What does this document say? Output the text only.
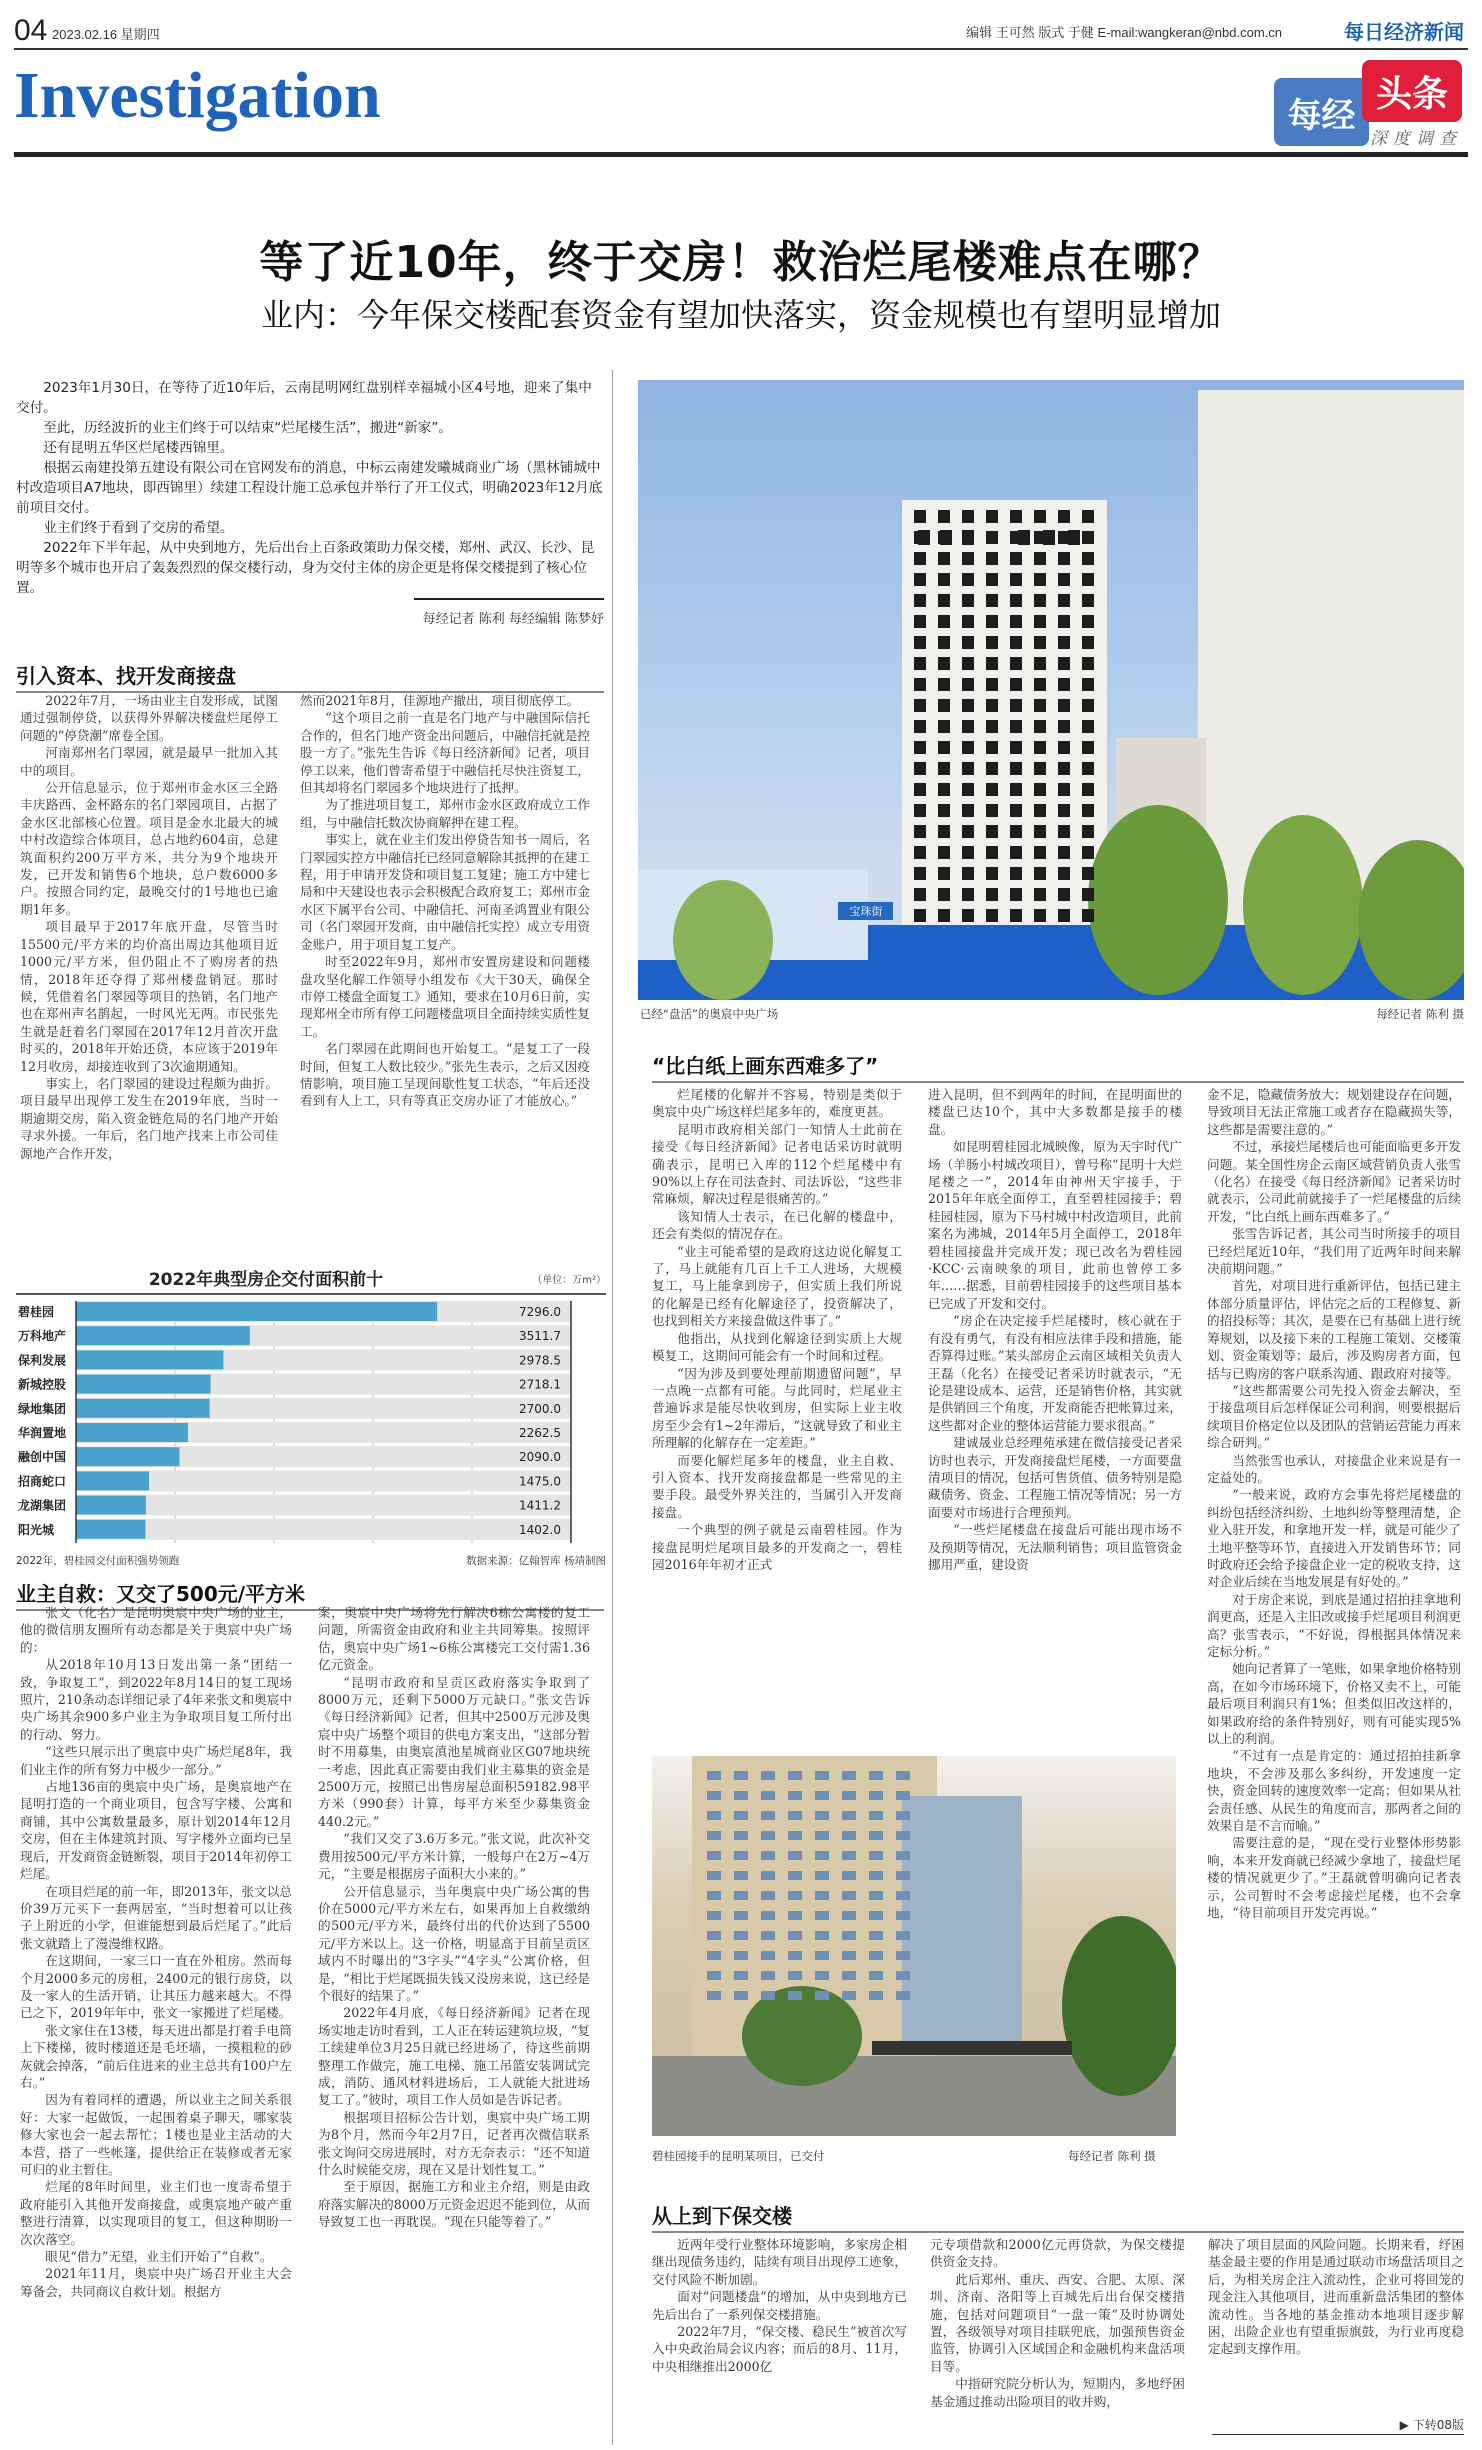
04 2023.02.16 星期四	编辑 王可然 版式 于健 E-mail:wangkeran@nbd.com.cn	每日经济新闻
Investigation	每经
头条
深度调查
等了近10年，终于交房！救治烂尾楼难点在哪？
业内：今年保交楼配套资金有望加快落实，资金规模也有望明显增加

2023年1月30日，在等待了近10年后，云南昆明网红盘别样幸福城小区4号地，迎来了集中交付。

至此，历经波折的业主们终于可以结束“烂尾楼生活”，搬进“新家”。

还有昆明五华区烂尾楼西锦里。

根据云南建投第五建设有限公司在官网发布的消息，中标云南建发曦城商业广场（黑林铺城中村改造项目A7地块，即西锦里）续建工程设计施工总承包并举行了开工仪式，明确2023年12月底前项目交付。

业主们终于看到了交房的希望。

2022年下半年起，从中央到地方，先后出台上百条政策助力保交楼，郑州、武汉、长沙、昆明等多个城市也开启了轰轰烈烈的保交楼行动，身为交付主体的房企更是将保交楼提到了核心位置。

每经记者 陈利 每经编辑 陈梦妤
引入资本、找开发商接盘

2022年7月，一场由业主自发形成，试图通过强制停贷，以获得外界解决楼盘烂尾停工问题的“停贷潮”席卷全国。

河南郑州名门翠园，就是最早一批加入其中的项目。

公开信息显示，位于郑州市金水区三全路丰庆路西、金杯路东的名门翠园项目，占据了金水区北部核心位置。项目是金水北最大的城中村改造综合体项目，总占地约604亩，总建筑面积约200万平方米，共分为9个地块开发，已开发和销售6个地块，总户数6000多户。按照合同约定，最晚交付的1号地也已逾期1年多。

项目最早于2017年底开盘，尽管当时15500元/平方米的均价高出周边其他项目近1000元/平方米，但仍阻止不了购房者的热情，2018年还夺得了郑州楼盘销冠。那时候，凭借着名门翠园等项目的热销，名门地产也在郑州声名鹊起，一时风光无两。市民张先生就是赶着名门翠园在2017年12月首次开盘时买的，2018年开始还贷，本应该于2019年12月收房，却接连收到了3次逾期通知。

事实上，名门翠园的建设过程颇为曲折。项目最早出现停工发生在2019年底，当时一期逾期交房，陷入资金链危局的名门地产开始寻求外援。一年后，名门地产找来上市公司佳源地产合作开发，

然而2021年8月，佳源地产撤出，项目彻底停工。

“这个项目之前一直是名门地产与中融国际信托合作的，但名门地产资金出问题后，中融信托就是控股一方了。”张先生告诉《每日经济新闻》记者，项目停工以来，他们曾寄希望于中融信托尽快注资复工，但其却将名门翠园多个地块进行了抵押。

为了推进项目复工，郑州市金水区政府成立工作组，与中融信托数次协商解押在建工程。

事实上，就在业主们发出停贷告知书一周后，名门翠园实控方中融信托已经同意解除其抵押的在建工程，用于申请开发贷和项目复工复建；施工方中建七局和中天建设也表示会积极配合政府复工；郑州市金水区下属平台公司、中融信托、河南圣鸿置业有限公司（名门翠园开发商，由中融信托实控）成立专用资金账户，用于项目复工复产。

时至2022年9月，郑州市安置房建设和问题楼盘攻坚化解工作领导小组发布《大干30天，确保全市停工楼盘全面复工》通知，要求在10月6日前，实现郑州全市所有停工问题楼盘项目全面持续实质性复工。

名门翠园在此期间也开始复工。“是复工了一段时间，但复工人数比较少。”张先生表示，之后又因疫情影响，项目施工呈现间歇性复工状态，“年后还没看到有人上工，只有等真正交房办证了才能放心。”

2022年典型房企交付面积前十	（单位：万m²）
碧桂园	7296.0
万科地产	3511.7
保利发展	2978.5
新城控股	2718.1
绿地集团	2700.0
华润置地	2262.5
融创中国	2090.0
招商蛇口	1475.0
龙湖集团	1411.2
阳光城	1402.0
2022年，碧桂园交付面积强势领跑	数据来源：亿翰智库 杨靖制图
业主自救：又交了500元/平方米

张文（化名）是昆明奥宸中央广场的业主，他的微信朋友圈所有动态都是关于奥宸中央广场的：

从2018年10月13日发出第一条“团结一致，争取复工”，到2022年8月14日的复工现场照片，210条动态详细记录了4年来张文和奥宸中央广场其余900多户业主为争取项目复工所付出的行动、努力。

“这些只展示出了奥宸中央广场烂尾8年，我们业主作的所有努力中极少一部分。”

占地136亩的奥宸中央广场，是奥宸地产在昆明打造的一个商业项目，包含写字楼、公寓和商铺，其中公寓数量最多，原计划2014年12月交房，但在主体建筑封顶、写字楼外立面均已呈现后，开发商资金链断裂，项目于2014年初停工烂尾。

在项目烂尾的前一年，即2013年，张文以总价39万元买下一套两居室，“当时想着可以让孩子上附近的小学，但谁能想到最后烂尾了。”此后张文就踏上了漫漫维权路。

在这期间，一家三口一直在外租房。然而每个月2000多元的房租，2400元的银行房贷，以及一家人的生活开销，让其压力越来越大。不得已之下，2019年年中，张文一家搬进了烂尾楼。

张文家住在13楼，每天进出都是打着手电筒上下楼梯，彼时楼道还是毛坯墙，一摸粗粒的砂灰就会掉落，“前后住进来的业主总共有100户左右。”

因为有着同样的遭遇，所以业主之间关系很好：大家一起做饭，一起围着桌子聊天，哪家装修大家也会一起去帮忙；1楼也是业主活动的大本营，搭了一些帐篷，提供给正在装修或者无家可归的业主暂住。

烂尾的8年时间里，业主们也一度寄希望于政府能引入其他开发商接盘，或奥宸地产破产重整进行清算，以实现项目的复工，但这种期盼一次次落空。

眼见“借力”无望，业主们开始了“自救”。

2021年11月，奥宸中央广场召开业主大会筹备会，共同商议自救计划。根据方

案，奥宸中央广场将先行解决6栋公寓楼的复工问题，所需资金由政府和业主共同筹集。按照评估，奥宸中央广场1~6栋公寓楼完工交付需1.36亿元资金。

“昆明市政府和呈贡区政府落实争取到了8000万元，还剩下5000万元缺口。”张文告诉《每日经济新闻》记者，但其中2500万元涉及奥宸中央广场整个项目的供电方案支出，“这部分暂时不用募集，由奥宸滇池星城商业区G07地块统一考虑，因此真正需要由我们业主募集的资金是2500万元，按照已出售房屋总面积59182.98平方米（990套）计算，每平方米至少募集资金440.2元。”

“我们又交了3.6万多元。”张文说，此次补交费用按500元/平方米计算，一般每户在2万~4万元，“主要是根据房子面积大小来的。”

公开信息显示，当年奥宸中央广场公寓的售价在5000元/平方米左右，如果再加上自救缴纳的500元/平方米，最终付出的代价达到了5500元/平方米以上。这一价格，明显高于目前呈贡区域内不时曝出的“3字头”“4字头”公寓价格，但是，“相比于烂尾既损失钱又没房来说，这已经是个很好的结果了。”

2022年4月底，《每日经济新闻》记者在现场实地走访时看到，工人正在转运建筑垃圾，“复工续建单位3月25日就已经进场了，待这些前期整理工作做完，施工电梯、施工吊篮安装调试完成，消防、通风材料进场后，工人就能大批进场复工了。”彼时，项目工作人员如是告诉记者。

根据项目招标公告计划，奥宸中央广场工期为8个月，然而今年2月7日，记者再次微信联系张文询问交房进展时，对方无奈表示：“还不知道什么时候能交房，现在又是计划性复工。”

至于原因，据施工方和业主介绍，则是由政府落实解决的8000万元资金迟迟不能到位，从而导致复工也一再耽误。“现在只能等着了。”

宝珠街
已经“盘活”的奥宸中央广场	每经记者 陈利 摄
“比白纸上画东西难多了”

烂尾楼的化解并不容易，特别是类似于奥宸中央广场这样烂尾多年的，难度更甚。

昆明市政府相关部门一知情人士此前在接受《每日经济新闻》记者电话采访时就明确表示，昆明已入库的112个烂尾楼中有90%以上存在司法查封、司法诉讼，“这些非常麻烦，解决过程是很痛苦的。”

该知情人士表示，在已化解的楼盘中，还会有类似的情况存在。

“业主可能希望的是政府这边说化解复工了，马上就能有几百上千工人进场，大规模复工，马上能拿到房子，但实质上我们所说的化解是已经有化解途径了，投资解决了，也找到相关方来接盘做这件事了。”

他指出，从找到化解途径到实质上大规模复工，这期间可能会有一个时间和过程。

“因为涉及到要处理前期遗留问题”，早一点晚一点都有可能。与此同时，烂尾业主普遍诉求是能尽快收到房，但实际上业主收房至少会有1~2年滞后，“这就导致了和业主所理解的化解存在一定差距。”

而要化解烂尾多年的楼盘，业主自救、引入资本、找开发商接盘都是一些常见的主要手段。最受外界关注的，当属引入开发商接盘。

一个典型的例子就是云南碧桂园。作为接盘昆明烂尾项目最多的开发商之一，碧桂园2016年年初才正式

进入昆明，但不到两年的时间，在昆明面世的楼盘已达10个，其中大多数都是接手的楼盘。

如昆明碧桂园北城映像，原为天宇时代广场（羊肠小村城改项目），曾号称“昆明十大烂尾楼之一”，2014年由神州天宇接手，于2015年年底全面停工，直至碧桂园接手；碧桂园桂园，原为下马村城中村改造项目，此前案名为沸城，2014年5月全面停工，2018年碧桂园接盘并完成开发；现已改名为碧桂园·KCC·云南映象的项目，此前也曾停工多年……据悉，目前碧桂园接手的这些项目基本已完成了开发和交付。

“房企在决定接手烂尾楼时，核心就在于有没有勇气，有没有相应法律手段和措施，能否算得过账。”某头部房企云南区域相关负责人王磊（化名）在接受记者采访时就表示，“无论是建设成本、运营，还是销售价格，其实就是供销回三个角度，开发商能否把帐算过来，这些都对企业的整体运营能力要求很高。”

建诚晟业总经理苑承建在微信接受记者采访时也表示，开发商接盘烂尾楼，一方面要盘清项目的情况，包括可售货值、债务特别是隐藏债务、资金、工程施工情况等情况；另一方面要对市场进行合理预判。

“一些烂尾楼盘在接盘后可能出现市场不及预期等情况，无法顺利销售；项目监管资金挪用严重，建设资

金不足，隐藏债务放大；规划建设存在问题，导致项目无法正常施工或者存在隐藏损失等，这些都是需要注意的。”

不过，承接烂尾楼后也可能面临更多开发问题。某全国性房企云南区域营销负责人张雪（化名）在接受《每日经济新闻》记者采访时就表示，公司此前就接手了一烂尾楼盘的后续开发，“比白纸上画东西难多了。”

张雪告诉记者，其公司当时所接手的项目已经烂尾近10年，“我们用了近两年时间来解决前期问题。”

首先，对项目进行重新评估，包括已建主体部分质量评估，评估完之后的工程修复、新的招投标等；其次，是要在已有基础上进行统筹规划，以及接下来的工程施工策划、交楼策划、资金策划等；最后，涉及购房者方面，包括与已购房的客户联系沟通、跟政府对接等。

“这些都需要公司先投入资金去解决，至于接盘项目后怎样保证公司利润，则要根据后续项目价格定位以及团队的营销运营能力再来综合研判。”

当然张雪也承认，对接盘企业来说是有一定益处的。

“一般来说，政府方会事先将烂尾楼盘的纠纷包括经济纠纷、土地纠纷等整理清楚，企业入驻开发，和拿地开发一样，就是可能少了土地平整等环节，直接进入开发销售环节；同时政府还会给予接盘企业一定的税收支持，这对企业后续在当地发展是有好处的。”

对于房企来说，到底是通过招拍挂拿地利润更高，还是入主旧改或接手烂尾项目利润更高？张雪表示，“不好说，得根据具体情况来定标分析。”

她向记者算了一笔账，如果拿地价格特别高，在如今市场环境下，价格又卖不上，可能最后项目利润只有1%；但类似旧改这样的，如果政府给的条件特别好，则有可能实现5%以上的利润。

“不过有一点是肯定的：通过招拍挂新拿地块，不会涉及那么多纠纷，开发速度一定快，资金回转的速度效率一定高；但如果从社会责任感、从民生的角度而言，那两者之间的效果自是不言而喻。”

需要注意的是，“现在受行业整体形势影响，本来开发商就已经减少拿地了，接盘烂尾楼的情况就更少了。”王磊就曾明确向记者表示，公司暂时不会考虑接烂尾楼，也不会拿地，“待目前项目开发完再说。”

碧桂园接手的昆明某项目，已交付	每经记者 陈利 摄
从上到下保交楼

近两年受行业整体环境影响，多家房企相继出现债务违约，陆续有项目出现停工迹象，交付风险不断加剧。

面对“问题楼盘”的增加，从中央到地方已先后出台了一系列保交楼措施。

2022年7月，“保交楼、稳民生”被首次写入中央政治局会议内容；而后的8月、11月，中央相继推出2000亿

元专项借款和2000亿元再贷款，为保交楼提供资金支持。

此后郑州、重庆、西安、合肥、太原、深圳、济南、洛阳等上百城先后出台保交楼措施，包括对问题项目“一盘一策”及时协调处置，各级领导对项目挂联兜底，加强预售资金监管，协调引入区域国企和金融机构来盘活项目等。

中指研究院分析认为，短期内，多地纾困基金通过推动出险项目的收并购，

解决了项目层面的风险问题。长期来看，纾困基金最主要的作用是通过联动市场盘活项目之后，为相关房企注入流动性，企业可将回笼的现金注入其他项目，进而重新盘活集团的整体流动性。当各地的基金推动本地项目逐步解困，出险企业也有望重振旗鼓，为行业再度稳定起到支撑作用。

▶ 下转08版
